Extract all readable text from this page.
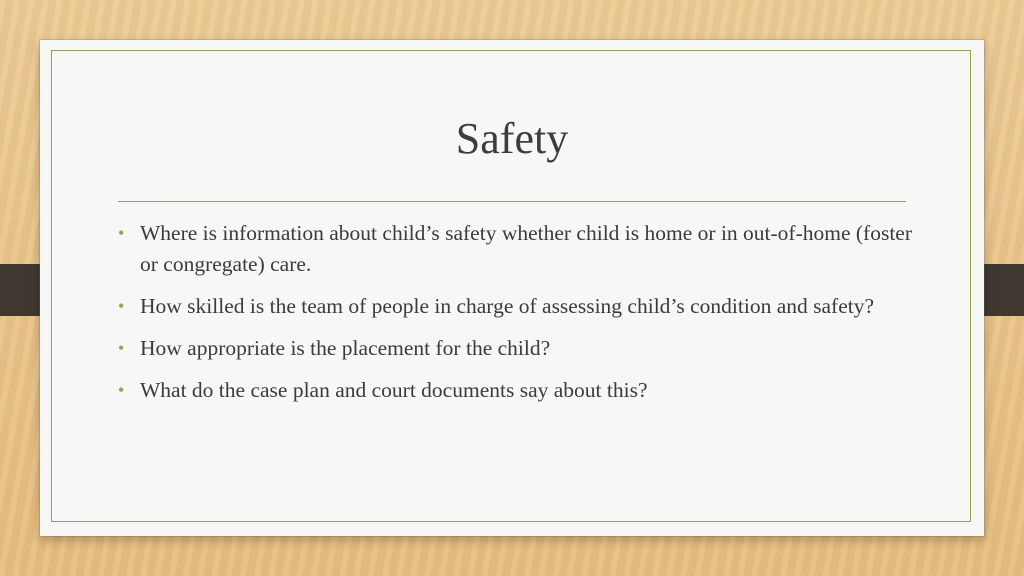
Safety
• Where is information about child’s safety whether child is home or in out-of-home (foster or congregate) care.
• How skilled is the team of people in charge of assessing child’s condition and safety?
• How appropriate is the placement for the child?
• What do the case plan and court documents say about this?
